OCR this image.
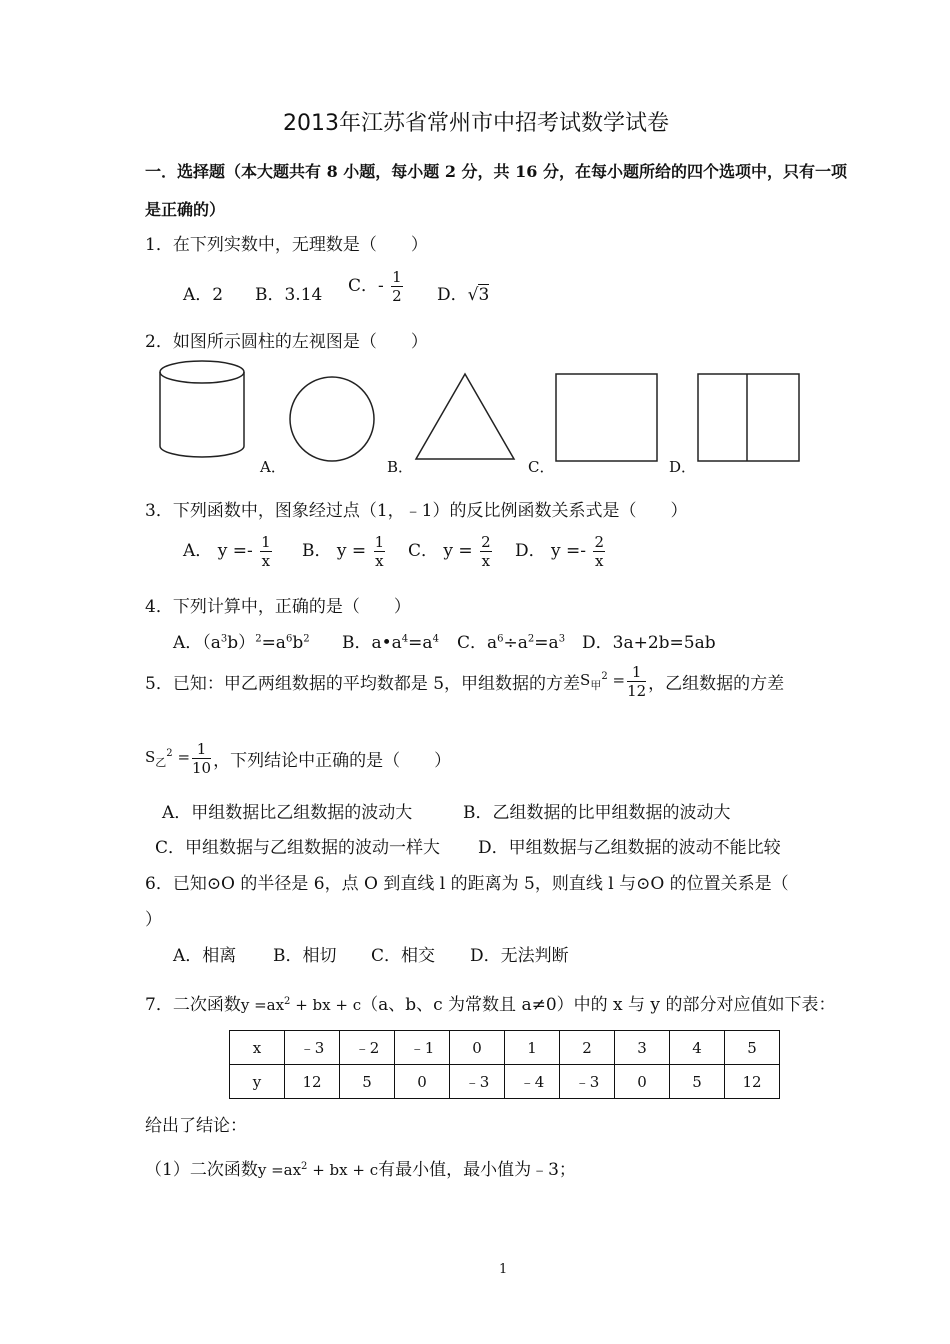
2013年江苏省常州市中招考试数学试卷
一．选择题（本大题共有 8 小题，每小题 2 分，共 16 分，在每小题所给的四个选项中，只有一项
是正确的）
1．在下列实数中，无理数是（　　）
A．2 B．3.14 C．- $\frac{1}{2}$ D．√3
2．如图所示圆柱的左视图是（　　）
A．	B．	C．	D．
3．下列函数中，图象经过点（1，﹣1）的反比例函数关系式是（　　）
A． $y =- \frac{1}{x}$ B． $y = \frac{1}{x}$ C． $y = \frac{2}{x}$ D． $y =- \frac{2}{x}$
4．下列计算中，正确的是（　　）
A．$(a^3b)^2=a^6b^2$ B．$a•a^4=a^4$ C．$a^6\div a^2=a^3$ D．3a+2b=5ab
5．已知：甲乙两组数据的平均数都是 5，甲组数据的方差$S_甲^2 = \frac{1}{12}$ ，乙组数据的方差
$S_乙^2 = \frac{1}{10}$ ，下列结论中正确的是（　　）
A．甲组数据比乙组数据的波动大	B．乙组数据的比甲组数据的波动大
C．甲组数据与乙组数据的波动一样大 D．甲组数据与乙组数据的波动不能比较
6．已知⊙O 的半径是 6，点 O 到直线 l 的距离为 5，则直线 l 与⊙O 的位置关系是（
）
A．相离 B．相切 C．相交 D．无法判断
7．二次函数$y =ax^2$ + bx + c（a、b、c 为常数且 a≠0）中的 x 与 y 的部分对应值如下表：
x	﹣3	﹣2	﹣1	0	1	2	3	4	5
y	12	5	0	﹣3	﹣4	﹣3	0	5	12
给出了结论：
（1）二次函数$y =ax^2$ + bx + c有最小值，最小值为﹣3；
1
